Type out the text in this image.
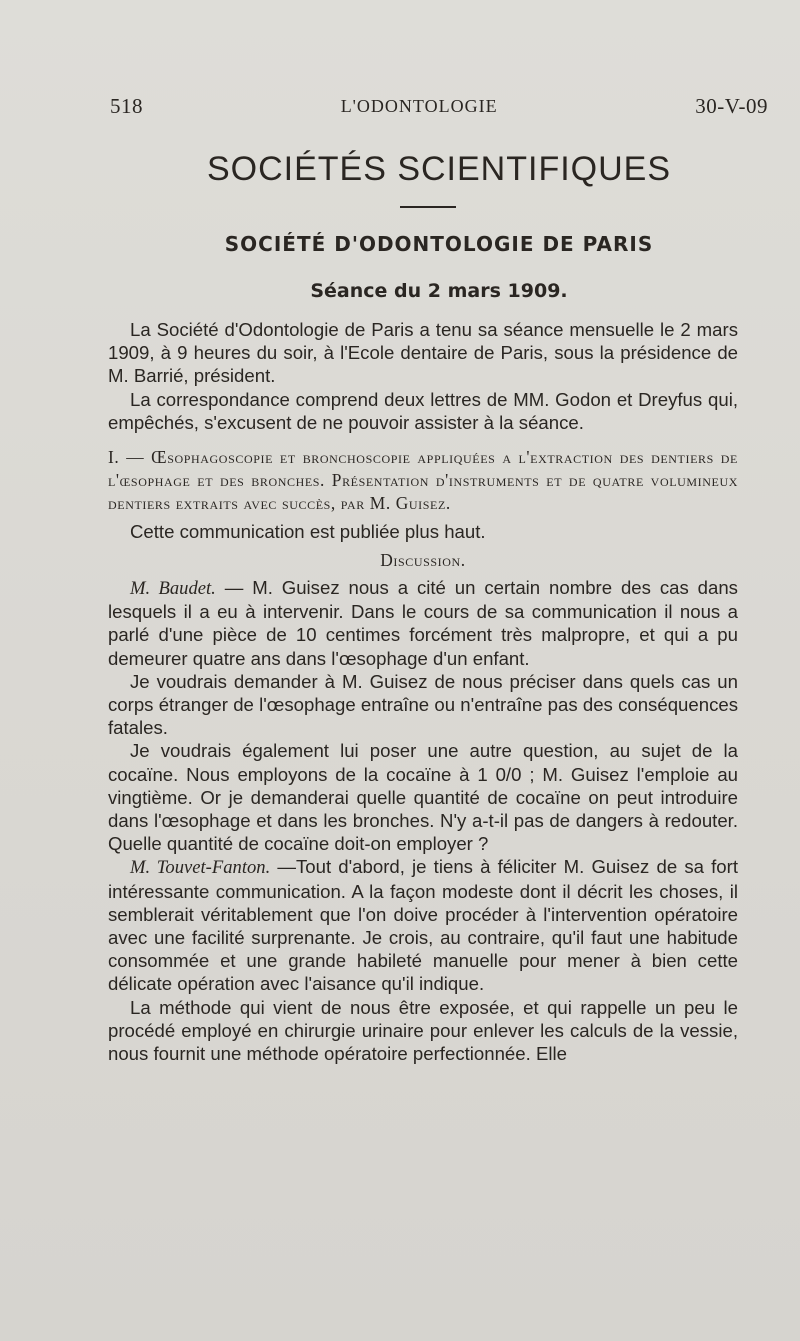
518	L'ODONTOLOGIE	30-V-09
SOCIÉTÉS SCIENTIFIQUES
SOCIÉTÉ D'ODONTOLOGIE DE PARIS
Séance du 2 mars 1909.

La Société d'Odontologie de Paris a tenu sa séance mensuelle le 2 mars 1909, à 9 heures du soir, à l'Ecole dentaire de Paris, sous la présidence de M. Barrié, président.

La correspondance comprend deux lettres de MM. Godon et Dreyfus qui, empêchés, s'excusent de ne pouvoir assister à la séance.

I. — Œsophagoscopie et bronchoscopie appliquées a l'extraction des dentiers de l'œsophage et des bronches. Présentation d'instruments et de quatre volumineux dentiers extraits avec succès, par M. Guisez.

Cette communication est publiée plus haut.

Discussion.

M. Baudet. — M. Guisez nous a cité un certain nombre des cas dans lesquels il a eu à intervenir. Dans le cours de sa communication il nous a parlé d'une pièce de 10 centimes forcément très malpropre, et qui a pu demeurer quatre ans dans l'œsophage d'un enfant.

Je voudrais demander à M. Guisez de nous préciser dans quels cas un corps étranger de l'œsophage entraîne ou n'entraîne pas des conséquences fatales.

Je voudrais également lui poser une autre question, au sujet de la cocaïne. Nous employons de la cocaïne à 1 0/0 ; M. Guisez l'emploie au vingtième. Or je demanderai quelle quantité de cocaïne on peut introduire dans l'œsophage et dans les bronches. N'y a-t-il pas de dangers à redouter. Quelle quantité de cocaïne doit-on employer ?

M. Touvet-Fanton. —Tout d'abord, je tiens à féliciter M. Guisez de sa fort intéressante communication. A la façon modeste dont il décrit les choses, il semblerait véritablement que l'on doive procéder à l'intervention opératoire avec une facilité surprenante. Je crois, au contraire, qu'il faut une habitude consommée et une grande habileté manuelle pour mener à bien cette délicate opération avec l'aisance qu'il indique.

La méthode qui vient de nous être exposée, et qui rappelle un peu le procédé employé en chirurgie urinaire pour enlever les calculs de la vessie, nous fournit une méthode opératoire perfectionnée. Elle
